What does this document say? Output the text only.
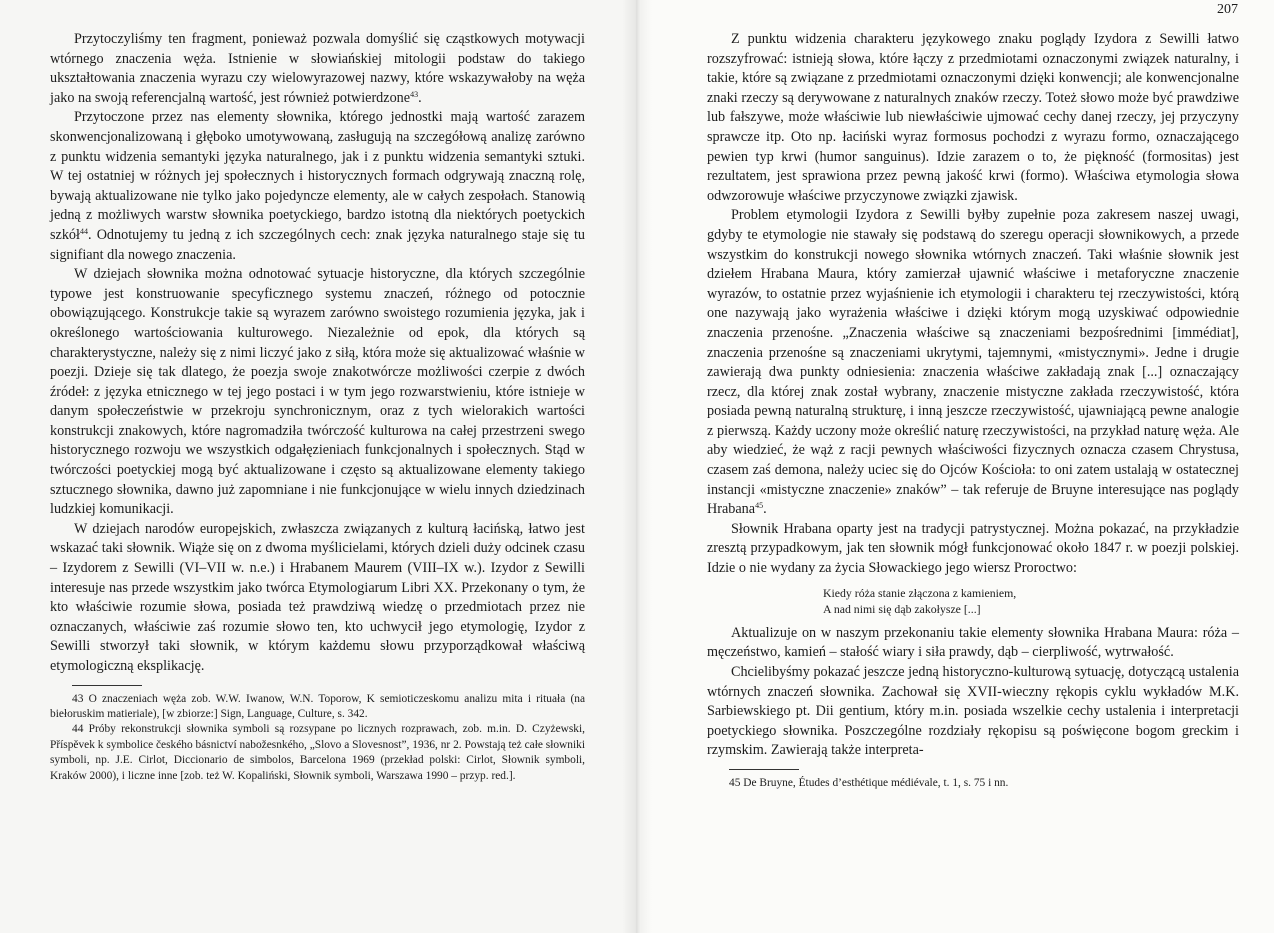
Przytoczyliśmy ten fragment, ponieważ pozwala domyślić się cząstkowych motywacji wtórnego znaczenia węża. Istnienie w słowiańskiej mitologii podstaw do takiego ukształtowania znaczenia wyrazu czy wielowyrazowej nazwy, które wskazywałoby na węża jako na swoją referencjalną wartość, jest również potwierdzone$^{43}$.

Przytoczone przez nas elementy słownika, którego jednostki mają wartość zarazem skonwencjonalizowaną i głęboko umotywowaną, zasługują na szczegółową analizę zarówno z punktu widzenia semantyki języka naturalnego, jak i z punktu widzenia semantyki sztuki. W tej ostatniej w różnych jej społecznych i historycznych formach odgrywają znaczną rolę, bywają aktualizowane nie tylko jako pojedyncze elementy, ale w całych zespołach. Stanowią jedną z możliwych warstw słownika poetyckiego, bardzo istotną dla niektórych poetyckich szkół$^{44}$. Odnotujemy tu jedną z ich szczególnych cech: znak języka naturalnego staje się tu signifiant dla nowego znaczenia.

W dziejach słownika można odnotować sytuacje historyczne, dla których szczególnie typowe jest konstruowanie specyficznego systemu znaczeń, różnego od potocznie obowiązującego. Konstrukcje takie są wyrazem zarówno swoistego rozumienia języka, jak i określonego wartościowania kulturowego. Niezależnie od epok, dla których są charakterystyczne, należy się z nimi liczyć jako z siłą, która może się aktualizować właśnie w poezji. Dzieje się tak dlatego, że poezja swoje znakotwórcze możliwości czerpie z dwóch źródeł: z języka etnicznego w tej jego postaci i w tym jego rozwarstwieniu, które istnieje w danym społeczeństwie w przekroju synchronicznym, oraz z tych wielorakich wartości konstrukcji znakowych, które nagromadziła twórczość kulturowa na całej przestrzeni swego historycznego rozwoju we wszystkich odgałęzieniach funkcjonalnych i społecznych. Stąd w twórczości poetyckiej mogą być aktualizowane i często są aktualizowane elementy takiego sztucznego słownika, dawno już zapomniane i nie funkcjonujące w wielu innych dziedzinach ludzkiej komunikacji.

W dziejach narodów europejskich, zwłaszcza związanych z kulturą łacińską, łatwo jest wskazać taki słownik. Wiąże się on z dwoma myślicielami, których dzieli duży odcinek czasu – Izydorem z Sewilli (VI–VII w. n.e.) i Hrabanem Maurem (VIII–IX w.). Izydor z Sewilli interesuje nas przede wszystkim jako twórca Etymologiarum Libri XX. Przekonany o tym, że kto właściwie rozumie słowa, posiada też prawdziwą wiedzę o przedmiotach przez nie oznaczanych, właściwie zaś rozumie słowo ten, kto uchwycił jego etymologię, Izydor z Sewilli stworzył taki słownik, w którym każdemu słowu przyporządkował właściwą etymologiczną eksplikację.

43 O znaczeniach węża zob. W.W. Iwanow, W.N. Toporow, K semioticzeskomu analizu mita i rituała (na biełoruskim matieriale), [w zbiorze:] Sign, Language, Culture, s. 342.

44 Próby rekonstrukcji słownika symboli są rozsypane po licznych rozprawach, zob. m.in. D. Czyżewski, Příspěvek k symbolice českého básnictví nabožesnkého, „Slovo a Slovesnost”, 1936, nr 2. Powstają też całe słowniki symboli, np. J.E. Cirlot, Diccionario de simbolos, Barcelona 1969 (przekład polski: Cirlot, Słownik symboli, Kraków 2000), i liczne inne [zob. też W. Kopaliński, Słownik symboli, Warszawa 1990 – przyp. red.].

207

Z punktu widzenia charakteru językowego znaku poglądy Izydora z Sewilli łatwo rozszyfrować: istnieją słowa, które łączy z przedmiotami oznaczonymi związek naturalny, i takie, które są związane z przedmiotami oznaczonymi dzięki konwencji; ale konwencjonalne znaki rzeczy są derywowane z naturalnych znaków rzeczy. Toteż słowo może być prawdziwe lub fałszywe, może właściwie lub niewłaściwie ujmować cechy danej rzeczy, jej przyczyny sprawcze itp. Oto np. łaciński wyraz formosus pochodzi z wyrazu formo, oznaczającego pewien typ krwi (humor sanguinus). Idzie zarazem o to, że piękność (formositas) jest rezultatem, jest sprawiona przez pewną jakość krwi (formo). Właściwa etymologia słowa odwzorowuje właściwe przyczynowe związki zjawisk.

Problem etymologii Izydora z Sewilli byłby zupełnie poza zakresem naszej uwagi, gdyby te etymologie nie stawały się podstawą do szeregu operacji słownikowych, a przede wszystkim do konstrukcji nowego słownika wtórnych znaczeń. Taki właśnie słownik jest dziełem Hrabana Maura, który zamierzał ujawnić właściwe i metaforyczne znaczenie wyrazów, to ostatnie przez wyjaśnienie ich etymologii i charakteru tej rzeczywistości, którą one nazywają jako wyrażenia właściwe i dzięki którym mogą uzyskiwać odpowiednie znaczenia przenośne. „Znaczenia właściwe są znaczeniami bezpośrednimi [immédiat], znaczenia przenośne są znaczeniami ukrytymi, tajemnymi, «mistycznymi». Jedne i drugie zawierają dwa punkty odniesienia: znaczenia właściwe zakładają znak [...] oznaczający rzecz, dla której znak został wybrany, znaczenie mistyczne zakłada rzeczywistość, która posiada pewną naturalną strukturę, i inną jeszcze rzeczywistość, ujawniającą pewne analogie z pierwszą. Każdy uczony może określić naturę rzeczywistości, na przykład naturę węża. Ale aby wiedzieć, że wąż z racji pewnych właściwości fizycznych oznacza czasem Chrystusa, czasem zaś demona, należy uciec się do Ojców Kościoła: to oni zatem ustalają w ostatecznej instancji «mistyczne znaczenie» znaków” – tak referuje de Bruyne interesujące nas poglądy Hrabana$^{45}$.

Słownik Hrabana oparty jest na tradycji patrystycznej. Można pokazać, na przykładzie zresztą przypadkowym, jak ten słownik mógł funkcjonować około 1847 r. w poezji polskiej. Idzie o nie wydany za życia Słowackiego jego wiersz Proroctwo:

Kiedy róża stanie złączona z kamieniem,
A nad nimi się dąb zakołysze [...]

Aktualizuje on w naszym przekonaniu takie elementy słownika Hrabana Maura: róża – męczeństwo, kamień – stałość wiary i siła prawdy, dąb – cierpliwość, wytrwałość.

Chcielibyśmy pokazać jeszcze jedną historyczno-kulturową sytuację, dotyczącą ustalenia wtórnych znaczeń słownika. Zachował się XVII-wieczny rękopis cyklu wykładów M.K. Sarbiewskiego pt. Dii gentium, który m.in. posiada wszelkie cechy ustalenia i interpretacji poetyckiego słownika. Poszczególne rozdziały rękopisu są poświęcone bogom greckim i rzymskim. Zawierają także interpreta-

45 De Bruyne, Études d’esthétique médiévale, t. 1, s. 75 i nn.
